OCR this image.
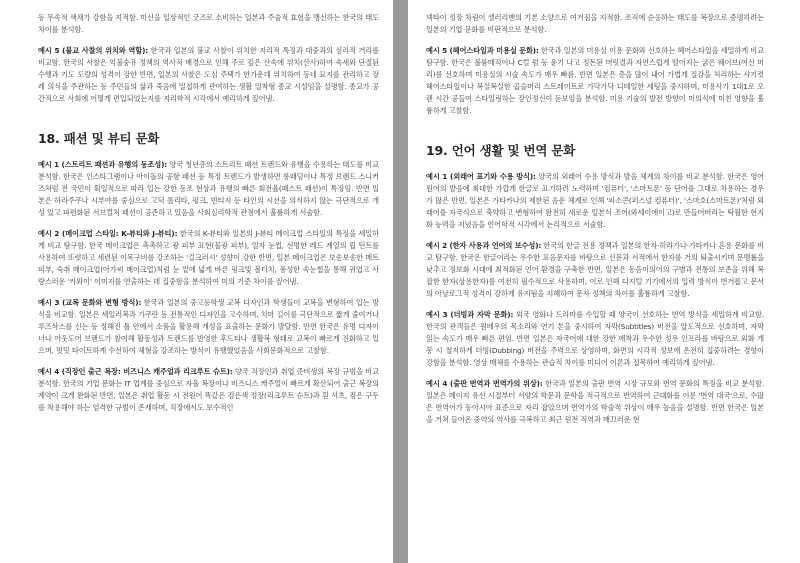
등 무속적 색채가 강함을 지적함. 미신을 일상적인 굿즈로 소비하는 일본과 주술적 효험을 맹신하는 한국의 태도 차이를 분석함.

예시 5 (불교 사찰의 위치와 역할): 한국과 일본의 불교 사찰이 위치한 지리적 특징과 대중과의 심리적 거리를 비교함. 한국의 사찰은 억불숭유 정책의 역사적 배경으로 인해 주로 깊은 산속에 위치(산사)하여 속세와 단절된 수행과 기도 도량의 성격이 강한 반면, 일본의 사찰은 도심 주택가 한가운데 위치하여 동네 묘지를 관리하고 장례 의식을 주관하는 등 주민들의 삶과 죽음에 밀접하게 관여하는 생활 밀착형 종교 시설임을 설명함. 종교가 공간적으로 사회에 어떻게 편입되었는지를 지리학적 시각에서 예리하게 짚어냄.

18. 패션 및 뷰티 문화

예시 1 (스트리트 패션과 유행의 동조성): 양국 청년층의 스트리트 패션 트렌드와 유행을 수용하는 태도를 비교 분석함. 한국은 인스타그램이나 아이돌의 공항 패션 등 특정 트렌드가 발생하면 롱패딩이나 특정 브랜드 스니커즈처럼 전 국민이 획일적으로 따라 입는 강한 동조 현상과 유행의 빠른 회전율(패스트 패션)이 특징임. 반면 일본은 하라주쿠나 시부야를 중심으로 고딕 롤리타, 펑크, 빈티지 등 타인의 시선을 의식하지 않는 극단적으로 개성 있고 파편화된 서브컬처 패션이 공존하고 있음을 사회심리학적 관점에서 훌륭하게 서술함.

예시 2 (메이크업 스타일: K-뷰티와 J-뷰티): 한국의 K-뷰티와 일본의 J-뷰티 메이크업 스타일의 특징을 세밀하게 비교 탐구함. 한국 메이크업은 촉촉하고 광 피부 표현(물광 피부), 일자 눈썹, 선명한 레드 계열의 립 틴트를 사용하여 또렷하고 세련된 이목구비를 강조하는 '걸크러시' 성향이 강한 반면, 일본 메이크업은 보송보송한 매트 피부, 숙취 메이크업(아가씨 메이크업)처럼 눈 밑에 넓게 바른 핑크빛 볼터치, 풍성한 속눈썹을 통해 귀엽고 사랑스러운 '카와이' 이미지를 연출하는 데 집중함을 분석하여 미의 기준 차이를 짚어냄.

예시 3 (교복 문화와 변형 방식): 한국과 일본의 중고등학생 교복 디자인과 학생들이 교복을 변형하여 입는 방식을 비교함. 일본은 세일러복과 가쿠란 등 전통적인 디자인을 고수하며, 치마 길이를 극단적으로 짧게 줄이거나 루즈삭스를 신는 등 정해진 틀 안에서 소품을 활용해 개성을 표출하는 문화가 발달함. 반면 한국은 유명 디자이너나 아웃도어 브랜드가 참여해 활동성과 트렌드를 반영한 후드티나 생활복 형태로 교복이 빠르게 진화하고 있으며, 밋밋 타이트하게 수선하여 체형을 강조하는 방식이 유행했었음을 사회문화적으로 고찰함.

예시 4 (직장인 출근 복장: 비즈니스 캐주얼과 리크루트 슈트): 양국 직장인과 취업 준비생의 복장 규범을 비교 분석함. 한국의 기업 문화는 IT 업계를 중심으로 자율 복장이나 비즈니스 캐주얼이 빠르게 확산되어 출근 복장의 제약이 크게 완화된 반면, 일본은 취업 활동 시 전원이 똑같은 검은색 정장(리크루트 슈트)과 흰 셔츠, 검은 구두를 착용해야 하는 엄격한 규범이 존재하며, 직장에서도 보수적인

넥타이 정장 차림이 샐러리맨의 기본 소양으로 여겨짐을 지적함. 조직에 순응하는 태도를 복장으로 증명하려는 일본의 기업 문화를 비판적으로 분석함.

예시 5 (헤어스타일과 미용실 문화): 한국과 일본의 미용실 이용 문화와 선호하는 헤어스타일을 세밀하게 비교 탐구함. 한국은 볼륨매직이나 C컬 펌 등 윤기 나고 정돈된 머릿결과 자연스럽게 떨어지는 굵은 웨이브(여신 머리)를 선호하며 미용실의 시술 속도가 매우 빠름. 반면 일본은 층을 많이 내어 가볍게 질감을 처리하는 샤기컷 헤어스타일이나 복실복실한 곱슬머리 스트레이트로 가닥가닥 디테일한 세팅을 중시하며, 미용사가 1대1로 오랜 시간 공들여 스타일링하는 장인정신이 돋보임을 분석함. 미용 기술의 발전 방향이 미의식에 미친 영향을 훌륭하게 고찰함.

19. 언어 생활 및 번역 문화

예시 1 (외래어 표기와 수용 방식): 양국의 외래어 수용 방식과 발음 체계의 차이를 비교 분석함. 한국은 영어 원어의 발음에 최대한 가깝게 한글로 표기하려 노력하며 '컴퓨터', '스마트폰' 등 단어를 그대로 차용하는 경우가 많은 반면, 일본은 가타카나의 제한된 음운 체계로 인해 '파소콘(퍼스널 컴퓨터)', '스마호(스마트폰)'처럼 외래어를 자국식으로 축약하고 변형하여 완전히 새로운 일본식 조어(와세이에이고)로 만들어버리는 탁월한 현지화 능력을 지녔음을 언어학적 시각에서 논리적으로 서술함.

예시 2 (한자 사용과 언어의 보수성): 한국의 한글 전용 정책과 일본의 한자·히라가나·가타카나 혼용 문화를 비교 탐구함. 한국은 한글이라는 우수한 표음문자를 바탕으로 신문과 서적에서 한자를 거의 퇴출시키며 문맹률을 낮추고 정보화 시대에 최적화된 언어 환경을 구축한 반면, 일본은 동음이의어의 구별과 전통의 보존을 위해 복잡한 한자(상용한자)를 여전히 필수적으로 사용하며, 이로 인해 디지털 기기에서의 입력 방식이 번거롭고 문서의 아날로그적 성격이 강하게 유지됨을 지혜하여 문자 정책의 차이를 훌륭하게 고찰함.

예시 3 (더빙과 자막 문화): 외국 영화나 드라마를 수입할 때 양국이 선호하는 번역 방식을 세밀하게 비교함. 한국의 관객들은 원배우의 목소리와 연기 톤을 중시하여 자막(Subtitles) 버전을 압도적으로 선호하며, 자막 읽는 속도가 매우 빠른 편임. 반면 일본은 자국어에 대한 강한 애착과 우수한 성우 인프라를 바탕으로 외화 개봉 시 철저하게 더빙(Dubbing) 버전을 주력으로 상영하며, 화면의 시각적 정보에 온전히 집중하려는 경향이 강함을 분석함. 영상 매체를 수용하는 관습적 차이를 미디어 이론과 접목하여 예리하게 짚어냄.

예시 4 (출판 번역과 번역가의 위상): 한국과 일본의 출판 번역 시장 규모와 번역 문화의 특징을 비교 분석함. 일본은 메이지 유신 시절부터 서양의 학문과 문학을 적극적으로 번역하여 근대화를 이룬 '번역 대국'으로, 수많은 번역어가 동아시아 표준으로 자리 잡았으며 번역가의 학술적 위상이 매우 높음을 설명함. 반면 한국은 일본을 거쳐 들어온 중역의 역사를 극복하고 최근 원전 직역과 매끄러운 현
